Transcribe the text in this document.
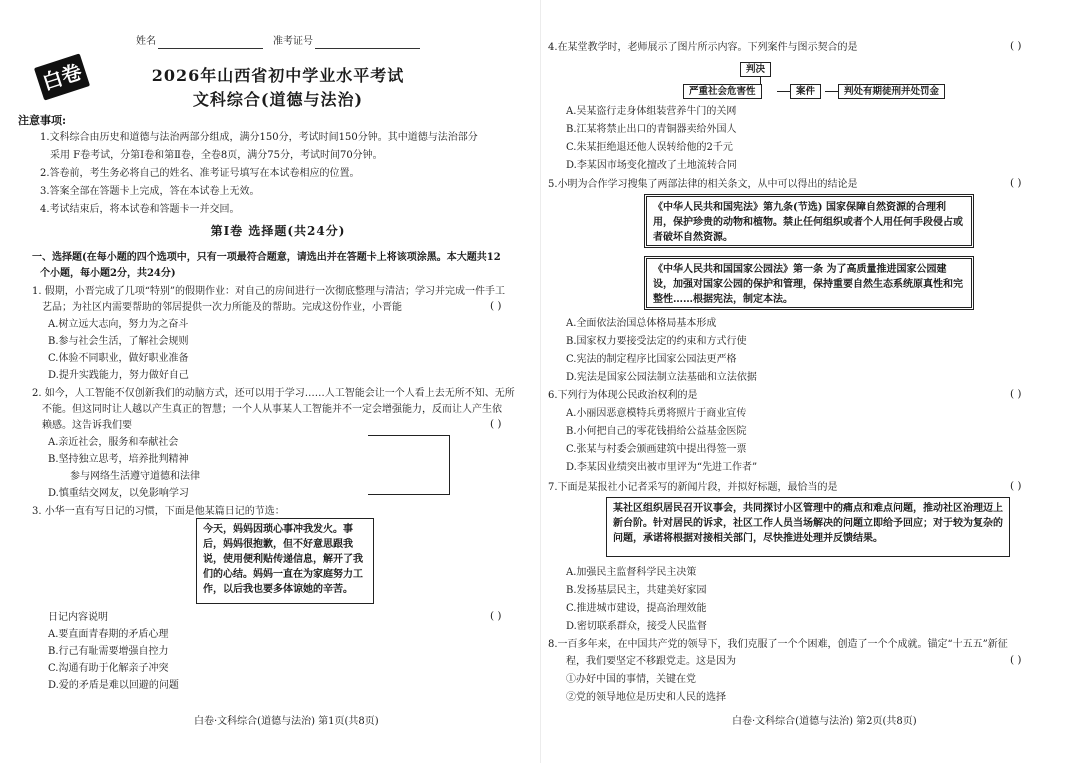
姓名	准考证号
白卷	2026年山西省初中学业水平考试
文科综合(道德与法治)
注意事项:
1.文科综合由历史和道德与法治两部分组成，满分150分，考试时间150分钟。其中道德与法治部分
采用 F卷考试，分第Ⅰ卷和第Ⅱ卷，全卷8页，满分75分，考试时间70分钟。
2.答卷前，考生务必将自己的姓名、准考证号填写在本试卷相应的位置。
3.答案全部在答题卡上完成，答在本试卷上无效。
4.考试结束后，将本试卷和答题卡一并交回。
第Ⅰ卷 选择题(共24分)
一、选择题(在每小题的四个选项中，只有一项最符合题意，请选出并在答题卡上将该项涂黑。本大题共12
个小题，每小题2分，共24分)
1. 假期，小晋完成了几项“特别”的假期作业：对自己的房间进行一次彻底整理与清洁；学习并完成一件手工
艺品；为社区内需要帮助的邻居提供一次力所能及的帮助。完成这份作业，小晋能	( )
A.树立远大志向，努力为之奋斗
B.参与社会生活，了解社会规则
C.体验不同职业，做好职业准备
D.提升实践能力，努力做好自己
2. 如今，人工智能不仅创新我们的动脑方式，还可以用于学习……人工智能会让一个人看上去无所不知、无所
不能。但这同时让人越以产生真正的智慧；一个人从事某人工智能并不一定会增强能力，反而让人产生依
赖感。这告诉我们要	( )
A.亲近社会，服务和奉献社会
B.坚持独立思考，培养批判精神
参与网络生活遵守道德和法律
D.慎重结交网友，以免影响学习
3. 小华一直有写日记的习惯，下面是他某篇日记的节选：
今天，妈妈因琐心事冲我发火。事后，妈妈很抱歉，但不好意思跟我说，使用便利贴传递信息，解开了我们的心结。妈妈一直在为家庭努力工作，以后我也要多体谅她的辛苦。
日记内容说明	( )
A.要直面青春期的矛盾心理
B.行己有耻需要增强自控力
C.沟通有助于化解亲子冲突
D.爱的矛盾是难以回避的问题
白卷·文科综合(道德与法治) 第1页(共8页)
4.在某堂教学时，老师展示了图片所示内容。下列案件与图示契合的是	( )
判决
严重社会危害性	案件	判处有期徒刑并处罚金
A.吴某盗行走身体组装营养牛门的关网
B.江某将禁止出口的青铜器卖给外国人
C.朱某拒绝退还他人误转给他的2千元
D.李某因市场变化擅改了土地流转合同
5.小明为合作学习搜集了两部法律的相关条文，从中可以得出的结论是	( )
《中华人民共和国宪法》第九条(节选) 国家保障自然资源的合理利用，保护珍贵的动物和植物。禁止任何组织或者个人用任何手段侵占或者破坏自然资源。
《中华人民共和国国家公园法》第一条 为了高质量推进国家公园建设，加强对国家公园的保护和管理，保持重要自然生态系统原真性和完整性……根据宪法，制定本法。
A.全面依法治国总体格局基本形成
B.国家权力要接受法定的约束和方式行使
C.宪法的制定程序比国家公园法更严格
D.宪法是国家公园法制立法基础和立法依据
6.下列行为体现公民政治权利的是	( )
A.小丽因恶意模特兵勇将照片于商业宣传
B.小何把自己的零花钱捐给公益基金医院
C.张某与村委会颁画建筑中提出得签一票
D.李某因业绩突出被市里评为“先进工作者”
7.下面是某报社小记者采写的新闻片段，并拟好标题，最恰当的是	( )
某社区组织居民召开议事会，共同探讨小区管理中的痛点和难点问题，推动社区治理迈上新台阶。针对居民的诉求，社区工作人员当场解决的问题立即给予回应；对于较为复杂的问题，承诺将根据对接相关部门，尽快推进处理并反馈结果。
A.加强民主监督科学民主决策
B.发扬基层民主，共建美好家园
C.推进城市建设，提高治理效能
D.密切联系群众，接受人民监督
8.一百多年来，在中国共产党的领导下，我们克服了一个个困难，创造了一个个成就。锚定“十五五”新征
程，我们要坚定不移跟党走。这是因为	( )
①办好中国的事情，关键在党
②党的领导地位是历史和人民的选择
白卷·文科综合(道德与法治) 第2页(共8页)
